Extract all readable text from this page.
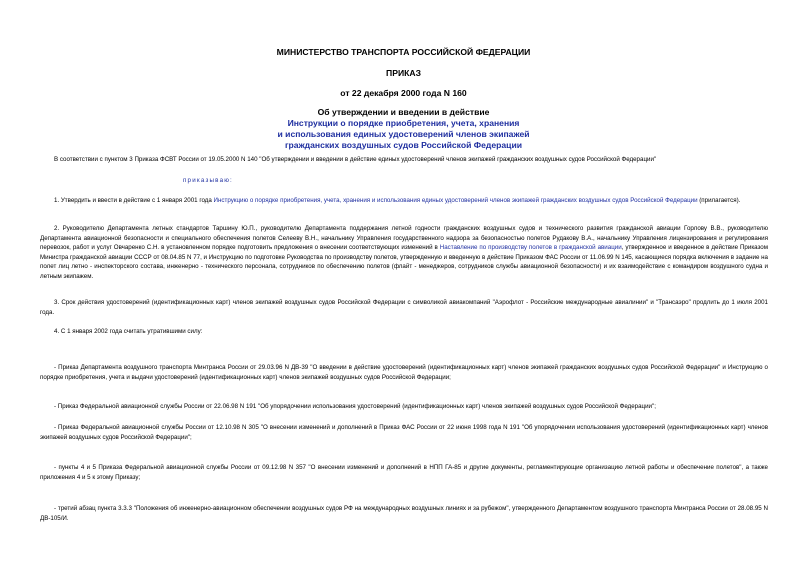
МИНИСТЕРСТВО ТРАНСПОРТА РОССИЙСКОЙ ФЕДЕРАЦИИ
ПРИКАЗ
от 22 декабря 2000 года N 160
Об утверждении и введении в действие
Инструкции о порядке приобретения, учета, хранения
и использования единых удостоверений членов экипажей
гражданских воздушных судов Российской Федерации
В соответствии с пунктом 3 Приказа ФСВТ России от 19.05.2000 N 140 "Об утверждении и введении в действие единых удостоверений членов экипажей гражданских воздушных судов Российской Федерации"
приказываю:
1. Утвердить и ввести в действие с 1 января 2001 года Инструкцию о порядке приобретения, учета, хранения и использования единых удостоверений членов экипажей гражданских воздушных судов Российской Федерации (прилагается).
2. Руководителю Департамента летных стандартов Таршину Ю.П., руководителю Департамента поддержания летной годности гражданских воздушных судов и технического развития гражданской авиации Горлову В.В., руководителю Департамента авиационной безопасности и специального обеспечения полетов Селееву В.Н., начальнику Управления государственного надзора за безопасностью полетов Рудакову В.А., начальнику Управления лицензирования и регулирования перевозок, работ и услуг Овчаренко С.Н. в установленном порядке подготовить предложения о внесении соответствующих изменений в Наставление по производству полетов в гражданской авиации, утвержденное и введенное в действие Приказом Министра гражданской авиации СССР от 08.04.85 N 77, и Инструкцию по подготовке Руководства по производству полетов, утвержденную и введенную в действие Приказом ФАС России от 11.06.99 N 145, касающиеся порядка включения в задание на полет лиц летно - инспекторского состава, инженерно - технического персонала, сотрудников по обеспечению полетов (флайт - менеджеров, сотрудников службы авиационной безопасности) и их взаимодействие с командиром воздушного судна и летным экипажем.
3. Срок действия удостоверений (идентификационных карт) членов экипажей воздушных судов Российской Федерации с символикой авиакомпаний "Аэрофлот - Российские международные авиалинии" и "Трансаэро" продлить до 1 июля 2001 года.
4. С 1 января 2002 года считать утратившими силу:
- Приказ Департамента воздушного транспорта Минтранса России от 29.03.96 N ДВ-39 "О введении в действие удостоверений (идентификационных карт) членов экипажей гражданских воздушных судов Российской Федерации" и Инструкцию о порядке приобретения, учета и выдачи удостоверений (идентификационных карт) членов экипажей воздушных судов Российской Федерации;
- Приказ Федеральной авиационной службы России от 22.06.98 N 191 "Об упорядочении использования удостоверений (идентификационных карт) членов экипажей воздушных судов Российской Федерации";
- Приказ Федеральной авиационной службы России от 12.10.98 N 305 "О внесении изменений и дополнений в Приказ ФАС России от 22 июня 1998 года N 191 "Об упорядочении использования удостоверений (идентификационных карт) членов экипажей воздушных судов Российской Федерации";
- пункты 4 и 5 Приказа Федеральной авиационной службы России от 09.12.98 N 357 "О внесении изменений и дополнений в НПП ГА-85 и другие документы, регламентирующие организацию летной работы и обеспечение полетов", а также приложения 4 и 5 к этому Приказу;
- третий абзац пункта 3.3.3 "Положения об инженерно-авиационном обеспечении воздушных судов РФ на международных воздушных линиях и за рубежом", утвержденного Департаментом воздушного транспорта Минтранса России от 28.08.95 N ДВ-105/И.
